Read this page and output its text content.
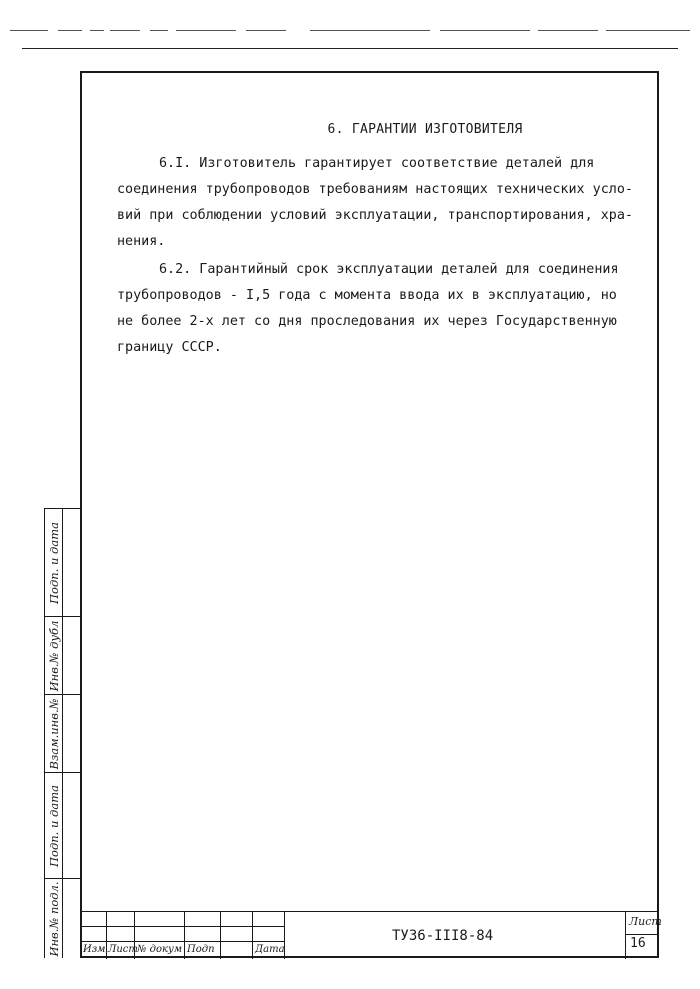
6. ГАРАНТИИ ИЗГОТОВИТЕЛЯ
6.I. Изготовитель гарантирует соответствие деталей для
соединения трубопроводов требованиям настоящих технических усло-
вий при соблюдении условий эксплуатации, транспортирования, хра-
нения.
6.2. Гарантийный срок эксплуатации деталей для соединения
трубопроводов - I,5 года с момента ввода их в эксплуатацию, но
не более 2-х лет со дня проследования их через Государственную
границу СССР.
Подп. и дата
Инв.№ дубл
Взам.инв.№
Подп. и дата
Инв.№ подл. Изм Лист № докум Подп	Дата
ТУ36-III8-84
Лист
16
